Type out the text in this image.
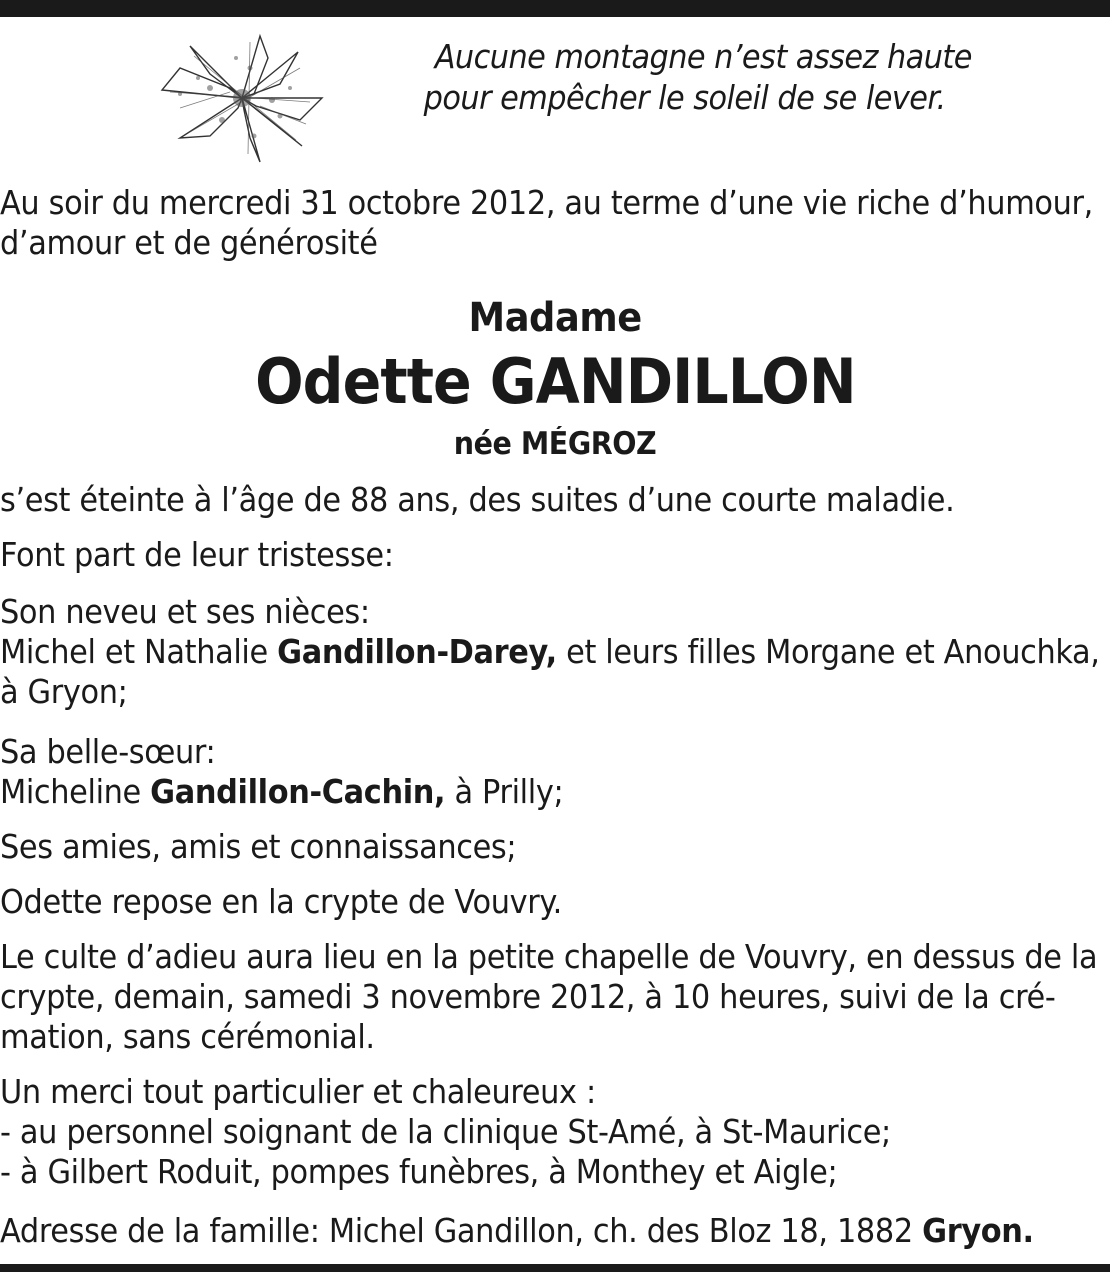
Aucune montagne n’est assez haute
pour empêcher le soleil de se lever.
Au soir du mercredi 31 octobre 2012, au terme d’une vie riche d’humour,
d’amour et de générosité
Madame
Odette GANDILLON
née MÉGROZ
s’est éteinte à l’âge de 88 ans, des suites d’une courte maladie.
Font part de leur tristesse:
Son neveu et ses nièces:
Michel et Nathalie Gandillon-Darey, et leurs filles Morgane et Anouchka,
à Gryon;
Sa belle-sœur:
Micheline Gandillon-Cachin, à Prilly;
Ses amies, amis et connaissances;
Odette repose en la crypte de Vouvry.
Le culte d’adieu aura lieu en la petite chapelle de Vouvry, en dessus de la
crypte, demain, samedi 3 novembre 2012, à 10 heures, suivi de la cré-
mation, sans cérémonial.
Un merci tout particulier et chaleureux :
- au personnel soignant de la clinique St-Amé, à St-Maurice;
- à Gilbert Roduit, pompes funèbres, à Monthey et Aigle;
Adresse de la famille: Michel Gandillon, ch. des Bloz 18, 1882 Gryon.
